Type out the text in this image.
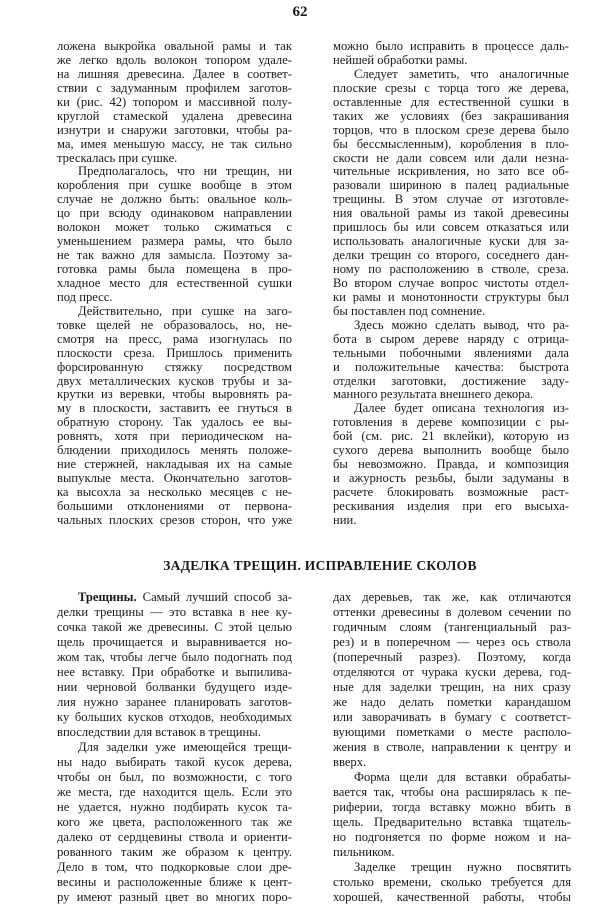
62
ложена выкройка овальной рамы и так
же легко вдоль волокон топором удале-
на лишняя древесина. Далее в соответ-
ствии с задуманным профилем заготов-
ки (рис. 42) топором и массивной полу-
круглой стамеской удалена древесина
изнутри и снаружи заготовки, чтобы ра-
ма, имея меньшую массу, не так сильно
трескалась при сушке.
Предполагалось, что ни трещин, ни
коробления при сушке вообще в этом
случае не должно быть: овальное коль-
цо при всюду одинаковом направлении
волокон может только сжиматься с
уменьшением размера рамы, что было
не так важно для замысла. Поэтому за-
готовка рамы была помещена в про-
хладное место для естественной сушки
под пресс.
Действительно, при сушке на заго-
товке щелей не образовалось, но, не-
смотря на пресс, рама изогнулась по
плоскости среза. Пришлось применить
форсированную стяжку посредством
двух металлических кусков трубы и за-
крутки из веревки, чтобы выровнять ра-
му в плоскости, заставить ее гнуться в
обратную сторону. Так удалось ее вы-
ровнять, хотя при периодическом на-
блюдении приходилось менять положе-
ние стержней, накладывая их на самые
выпуклые места. Окончательно заготов-
ка высохла за несколько месяцев с не-
большими отклонениями от первона-
чальных плоских срезов сторон, что уже
можно было исправить в процессе даль-
нейшей обработки рамы.
Следует заметить, что аналогичные
плоские срезы с торца того же дерева,
оставленные для естественной сушки в
таких же условиях (без закрашивания
торцов, что в плоском срезе дерева было
бы бессмысленным), коробления в пло-
скости не дали совсем или дали незна-
чительные искривления, но зато все об-
разовали шириною в палец радиальные
трещины. В этом случае от изготовле-
ния овальной рамы из такой древесины
пришлось бы или совсем отказаться или
использовать аналогичные куски для за-
делки трещин со второго, соседнего дан-
ному по расположению в стволе, среза.
Во втором случае вопрос чистоты отдел-
ки рамы и монотонности структуры был
бы поставлен под сомнение.
Здесь можно сделать вывод, что ра-
бота в сыром дереве наряду с отрица-
тельными побочными явлениями дала
и положительные качества: быстрота
отделки заготовки, достижение заду-
манного результата внешнего декора.
Далее будет описана технология из-
готовления в дереве композиции с ры-
бой (см. рис. 21 вклейки), которую из
сухого дерева выполнить вообще было
бы невозможно. Правда, и композиция
и ажурность резьбы, были задуманы в
расчете блокировать возможные раст-
рескивания изделия при его высыха-
нии.
ЗАДЕЛКА ТРЕЩИН. ИСПРАВЛЕНИЕ СКОЛОВ
Трещины. Самый лучший способ за-
делки трещины — это вставка в нее ку-
сочка такой же древесины. С этой целью
щель прочищается и выравнивается но-
жом так, чтобы легче было подогнать под
нее вставку. При обработке и выпилива-
нии черновой болванки будущего изде-
лия нужно заранее планировать заготов-
ку больших кусков отходов, необходимых
впоследствии для вставок в трещины.
Для заделки уже имеющейся трещи-
ны надо выбирать такой кусок дерева,
чтобы он был, по возможности, с того
же места, где находится щель. Если это
не удается, нужно подбирать кусок та-
кого же цвета, расположенного так же
далеко от сердцевины ствола и ориенти-
рованного таким же образом к центру.
Дело в том, что подкорковые слои дре-
весины и расположенные ближе к цент-
ру имеют разный цвет во многих поро-
дах деревьев, так же, как отличаются
оттенки древесины в долевом сечении по
годичным слоям (тангенциальный раз-
рез) и в поперечном — через ось ствола
(поперечный разрез). Поэтому, когда
отделяются от чурака куски дерева, год-
ные для заделки трещин, на них сразу
же надо делать пометки карандашом
или заворачивать в бумагу с соответст-
вующими пометками о месте располо-
жения в стволе, направлении к центру и
вверх.
Форма щели для вставки обрабаты-
вается так, чтобы она расширялась к пе-
риферии, тогда вставку можно вбить в
щель. Предварительно вставка тщатель-
но подгоняется по форме ножом и на-
пильником.
Заделке трещин нужно посвятить
столько времени, сколько требуется для
хорошей, качественной работы, чтобы
